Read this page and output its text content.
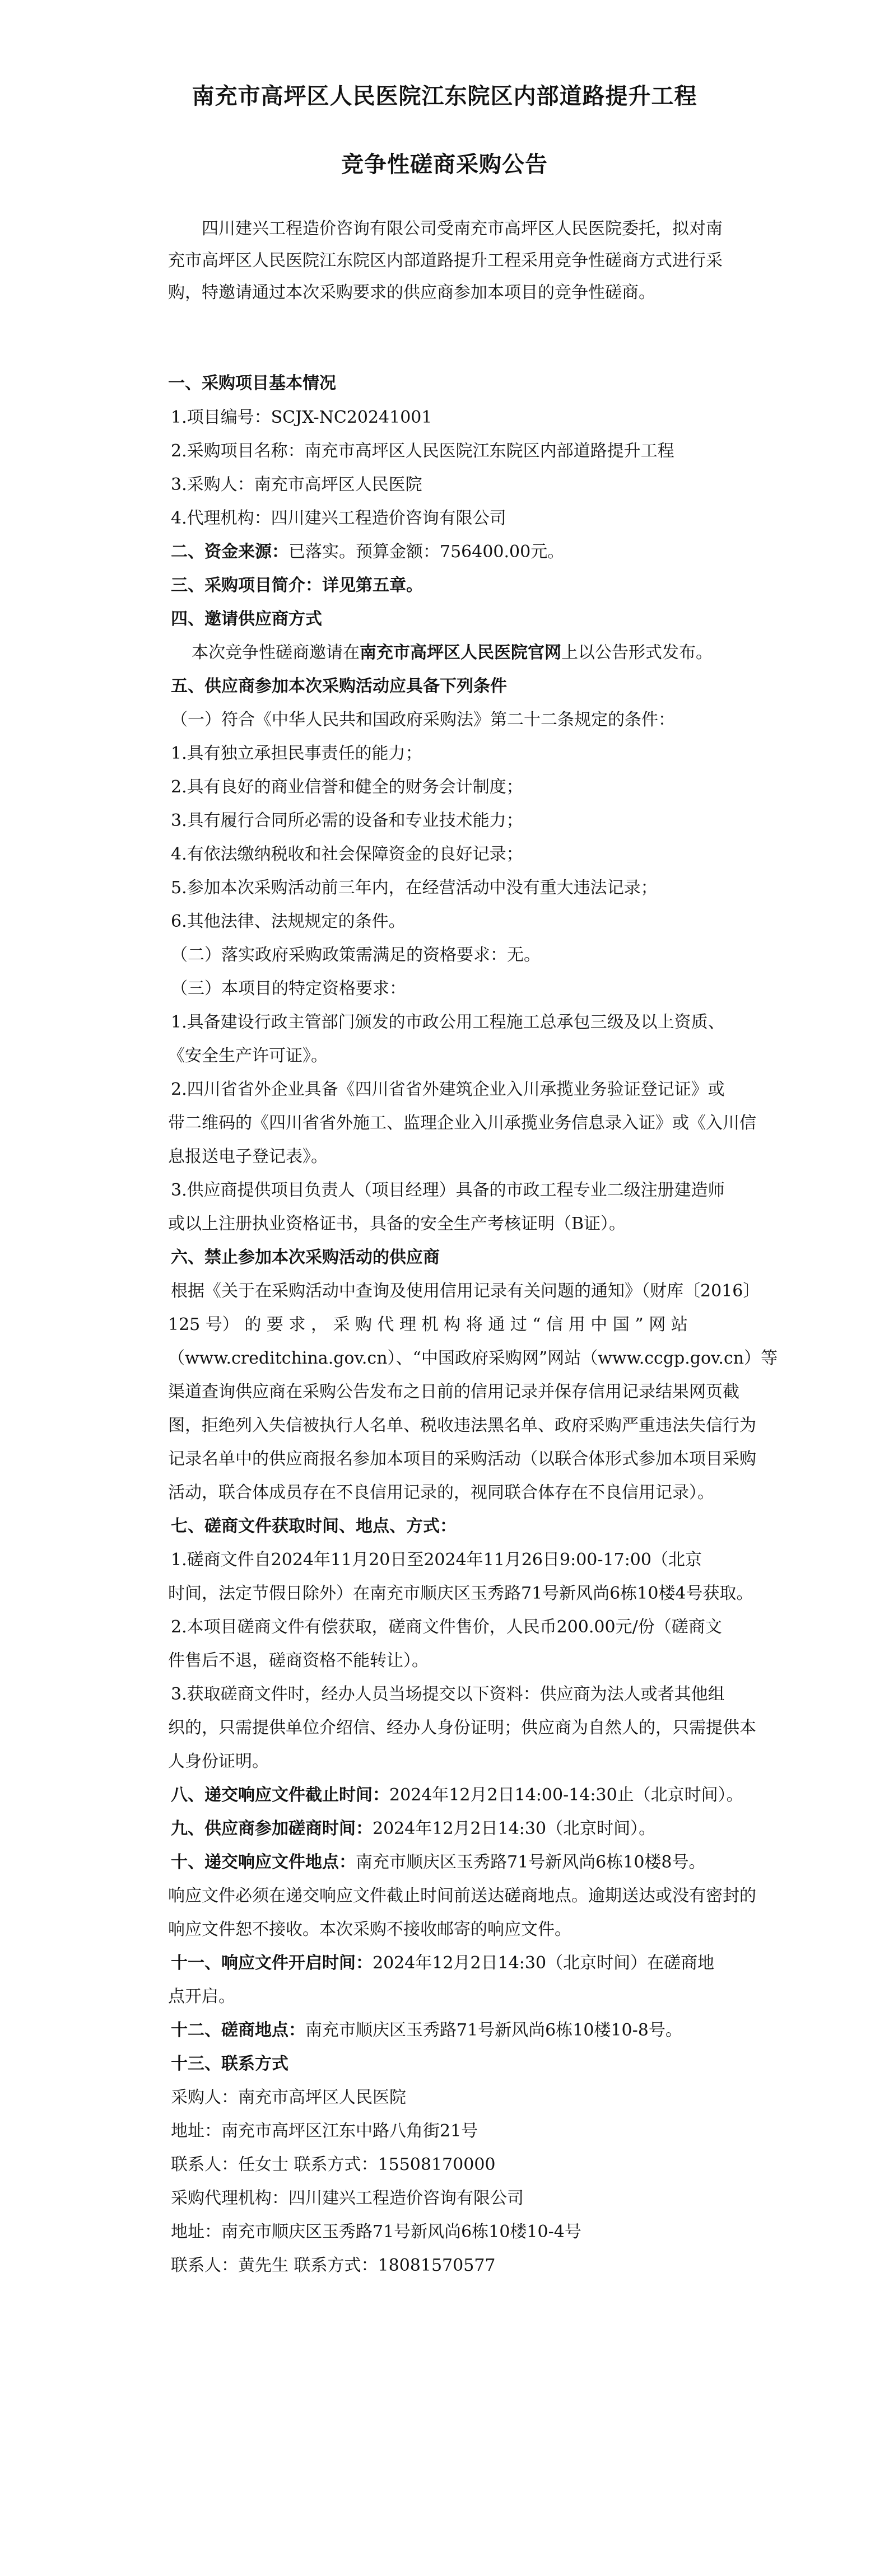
南充市高坪区人民医院江东院区内部道路提升工程
竞争性磋商采购公告
四川建兴工程造价咨询有限公司受南充市高坪区人民医院委托，拟对南充市高坪区人民医院江东院区内部道路提升工程采用竞争性磋商方式进行采购，特邀请通过本次采购要求的供应商参加本项目的竞争性磋商。
一、采购项目基本情况
1.项目编号：SCJX-NC20241001
2.采购项目名称：南充市高坪区人民医院江东院区内部道路提升工程
3.采购人：南充市高坪区人民医院
4.代理机构：四川建兴工程造价咨询有限公司
二、资金来源：已落实。预算金额：756400.00元。
三、采购项目简介：详见第五章。
四、邀请供应商方式
本次竞争性磋商邀请在南充市高坪区人民医院官网上以公告形式发布。
五、供应商参加本次采购活动应具备下列条件
（一）符合《中华人民共和国政府采购法》第二十二条规定的条件：
1.具有独立承担民事责任的能力；
2.具有良好的商业信誉和健全的财务会计制度；
3.具有履行合同所必需的设备和专业技术能力；
4.有依法缴纳税收和社会保障资金的良好记录；
5.参加本次采购活动前三年内，在经营活动中没有重大违法记录；
6.其他法律、法规规定的条件。
（二）落实政府采购政策需满足的资格要求：无。
（三）本项目的特定资格要求：
1.具备建设行政主管部门颁发的市政公用工程施工总承包三级及以上资质、
《安全生产许可证》。
2.四川省省外企业具备《四川省省外建筑企业入川承揽业务验证登记证》或
带二维码的《四川省省外施工、监理企业入川承揽业务信息录入证》或《入川信
息报送电子登记表》。
3.供应商提供项目负责人（项目经理）具备的市政工程专业二级注册建造师
或以上注册执业资格证书，具备的安全生产考核证明（B证）。
六、禁止参加本次采购活动的供应商
根据《关于在采购活动中查询及使用信用记录有关问题的通知》（财库〔2016〕
125 号） 的 要 求 ， 采 购 代 理 机 构 将 通 过 “ 信 用 中 国 ” 网 站
（www.creditchina.gov.cn）、“中国政府采购网”网站（www.ccgp.gov.cn）等
渠道查询供应商在采购公告发布之日前的信用记录并保存信用记录结果网页截
图，拒绝列入失信被执行人名单、税收违法黑名单、政府采购严重违法失信行为
记录名单中的供应商报名参加本项目的采购活动（以联合体形式参加本项目采购
活动，联合体成员存在不良信用记录的，视同联合体存在不良信用记录）。
七、磋商文件获取时间、地点、方式：
1.磋商文件自2024年11月20日至2024年11月26日9:00-17:00（北京
时间，法定节假日除外）在南充市顺庆区玉秀路71号新风尚6栋10楼4号获取。
2.本项目磋商文件有偿获取，磋商文件售价，人民币200.00元/份（磋商文
件售后不退，磋商资格不能转让）。
3.获取磋商文件时，经办人员当场提交以下资料：供应商为法人或者其他组
织的，只需提供单位介绍信、经办人身份证明；供应商为自然人的，只需提供本
人身份证明。
八、递交响应文件截止时间：2024年12月2日14:00-14:30止（北京时间）。
九、供应商参加磋商时间：2024年12月2日14:30（北京时间）。
十、递交响应文件地点：南充市顺庆区玉秀路71号新风尚6栋10楼8号。
响应文件必须在递交响应文件截止时间前送达磋商地点。逾期送达或没有密封的
响应文件恕不接收。本次采购不接收邮寄的响应文件。
十一、响应文件开启时间：2024年12月2日14:30（北京时间）在磋商地
点开启。
十二、磋商地点：南充市顺庆区玉秀路71号新风尚6栋10楼10-8号。
十三、联系方式
采购人：南充市高坪区人民医院
地址：南充市高坪区江东中路八角街21号
联系人：任女士 联系方式：15508170000
采购代理机构：四川建兴工程造价咨询有限公司
地址：南充市顺庆区玉秀路71号新风尚6栋10楼10-4号
联系人：黄先生 联系方式：18081570577
